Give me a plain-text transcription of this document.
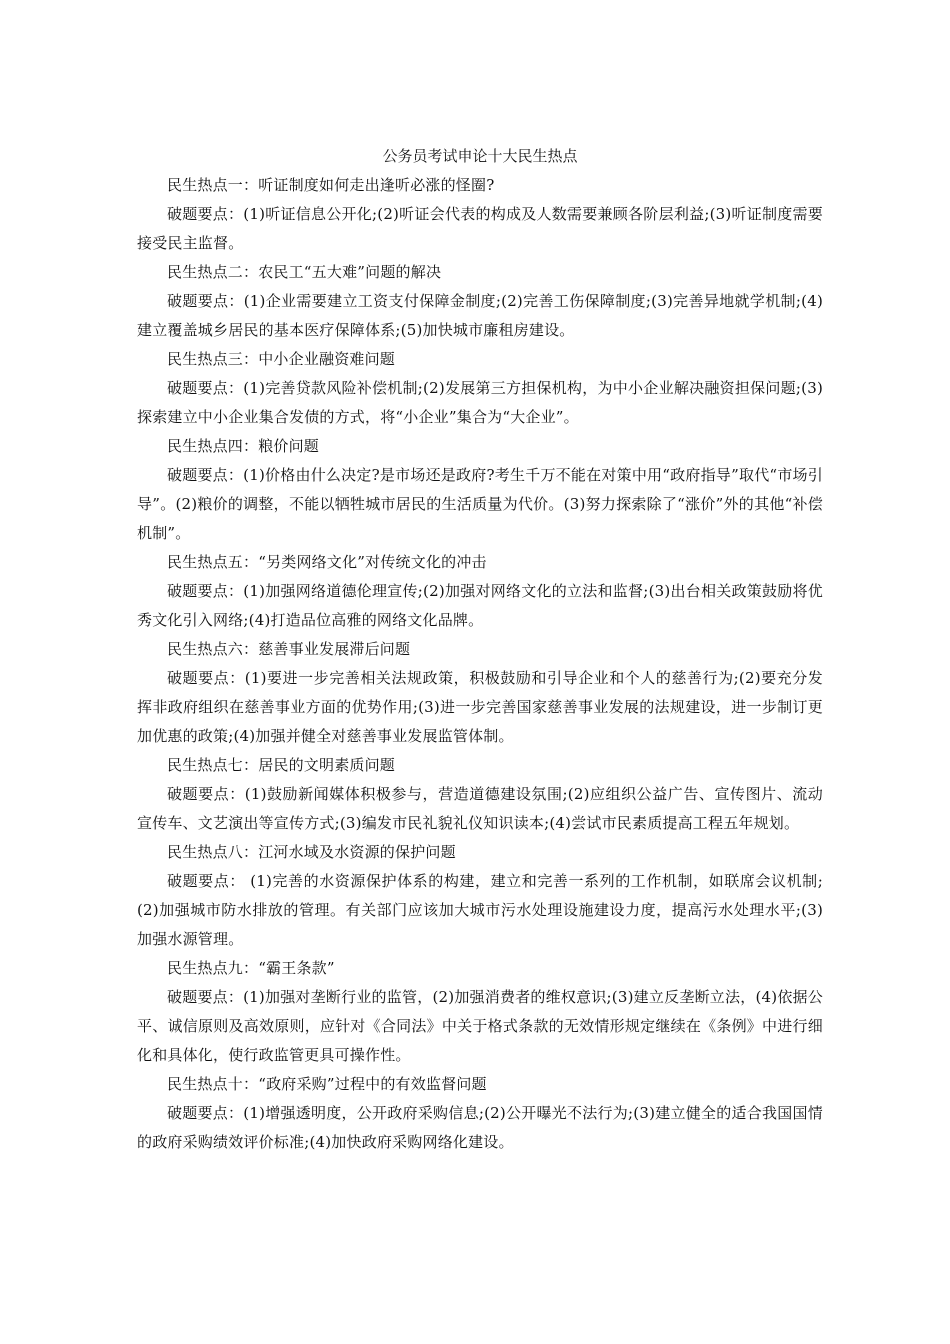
公务员考试申论十大民生热点

民生热点一：听证制度如何走出逢听必涨的怪圈?

破题要点：(1)听证信息公开化;(2)听证会代表的构成及人数需要兼顾各阶层利益;(3)听证制度需要接受民主监督。

民生热点二：农民工“五大难”问题的解决

破题要点：(1)企业需要建立工资支付保障金制度;(2)完善工伤保障制度;(3)完善异地就学机制;(4)建立覆盖城乡居民的基本医疗保障体系;(5)加快城市廉租房建设。

民生热点三：中小企业融资难问题

破题要点：(1)完善贷款风险补偿机制;(2)发展第三方担保机构，为中小企业解决融资担保问题;(3)探索建立中小企业集合发债的方式，将“小企业”集合为“大企业”。

民生热点四：粮价问题

破题要点：(1)价格由什么决定?是市场还是政府?考生千万不能在对策中用“政府指导”取代“市场引导”。(2)粮价的调整，不能以牺牲城市居民的生活质量为代价。(3)努力探索除了“涨价”外的其他“补偿机制”。

民生热点五：“另类网络文化”对传统文化的冲击

破题要点：(1)加强网络道德伦理宣传;(2)加强对网络文化的立法和监督;(3)出台相关政策鼓励将优秀文化引入网络;(4)打造品位高雅的网络文化品牌。

民生热点六：慈善事业发展滞后问题

破题要点：(1)要进一步完善相关法规政策，积极鼓励和引导企业和个人的慈善行为;(2)要充分发挥非政府组织在慈善事业方面的优势作用;(3)进一步完善国家慈善事业发展的法规建设，进一步制订更加优惠的政策;(4)加强并健全对慈善事业发展监管体制。

民生热点七：居民的文明素质问题

破题要点：(1)鼓励新闻媒体积极参与，营造道德建设氛围;(2)应组织公益广告、宣传图片、流动宣传车、文艺演出等宣传方式;(3)编发市民礼貌礼仪知识读本;(4)尝试市民素质提高工程五年规划。

民生热点八：江河水域及水资源的保护问题

破题要点： (1)完善的水资源保护体系的构建，建立和完善一系列的工作机制，如联席会议机制;(2)加强城市防水排放的管理。有关部门应该加大城市污水处理设施建设力度，提高污水处理水平;(3)加强水源管理。

民生热点九：“霸王条款”

破题要点：(1)加强对垄断行业的监管，(2)加强消费者的维权意识;(3)建立反垄断立法，(4)依据公平、诚信原则及高效原则，应针对《合同法》中关于格式条款的无效情形规定继续在《条例》中进行细化和具体化，使行政监管更具可操作性。

民生热点十：“政府采购”过程中的有效监督问题

破题要点：(1)增强透明度，公开政府采购信息;(2)公开曝光不法行为;(3)建立健全的适合我国国情的政府采购绩效评价标准;(4)加快政府采购网络化建设。
